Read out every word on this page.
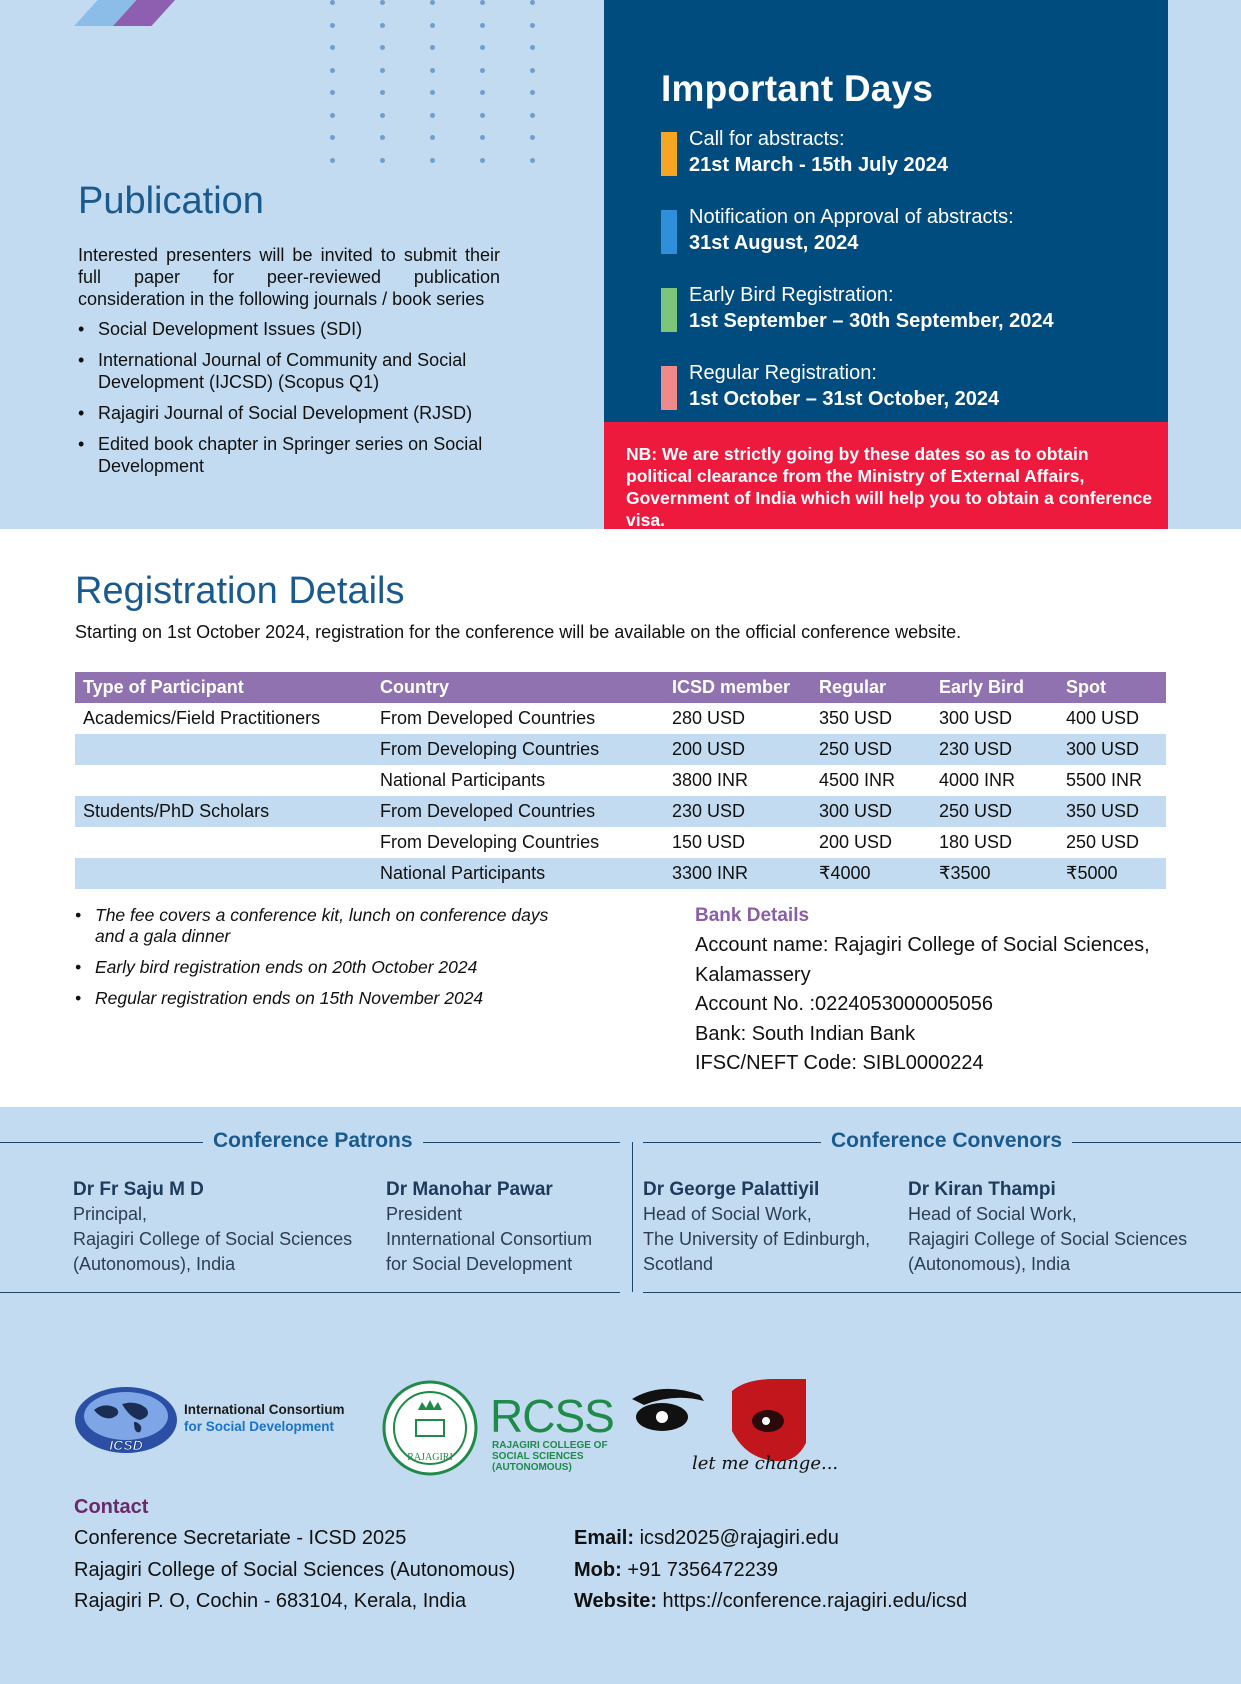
Publication
Interested presenters will be invited to submit their full paper for peer-reviewed publication consideration in the following journals / book series
• Social Development Issues (SDI)
• International Journal of Community and Social Development (IJCSD) (Scopus Q1)
• Rajagiri Journal of Social Development (RJSD)
• Edited book chapter in Springer series on Social Development
Important Days
Call for abstracts:
21st March - 15th July 2024
Notification on Approval of abstracts:
31st August, 2024
Early Bird Registration:
1st September – 30th September, 2024
Regular Registration:
1st October – 31st October, 2024
NB: We are strictly going by these dates so as to obtain political clearance from the Ministry of External Affairs, Government of India which will help you to obtain a conference visa.
Registration Details
Starting on 1st October 2024, registration for the conference will be available on the official conference website.
Type of Participant	Country	ICSD member	Regular	Early Bird	Spot
Academics/Field Practitioners	From Developed Countries	280 USD	350 USD	300 USD	400 USD
	From Developing Countries	200 USD	250 USD	230 USD	300 USD
	National Participants	3800 INR	4500 INR	4000 INR	5500 INR
Students/PhD Scholars	From Developed Countries	230 USD	300 USD	250 USD	350 USD
	From Developing Countries	150 USD	200 USD	180 USD	250 USD
	National Participants	3300 INR	₹4000	₹3500	₹5000
• The fee covers a conference kit, lunch on conference days and a gala dinner
• Early bird registration ends on 20th October 2024
• Regular registration ends on 15th November 2024
Bank Details
Account name: Rajagiri College of Social Sciences, Kalamassery
Account No. :0224053000005056
Bank: South Indian Bank
IFSC/NEFT Code: SIBL0000224
Conference Patrons	Conference Convenors
Dr Fr Saju M D
Principal,
Rajagiri College of Social Sciences
(Autonomous), India
Dr Manohar Pawar
President
Innternational Consortium
for Social Development
Dr George Palattiyil
Head of Social Work,
The University of Edinburgh,
Scotland
Dr Kiran Thampi
Head of Social Work,
Rajagiri College of Social Sciences
(Autonomous), India
ICSD
International Consortium
for Social Development
RAJAGIRI
RCSS
RAJAGIRI COLLEGE OF
SOCIAL SCIENCES
(AUTONOMOUS)	let me change...
Contact
Conference Secretariate - ICSD 2025
Rajagiri College of Social Sciences (Autonomous)
Rajagiri P. O, Cochin - 683104, Kerala, India
Email: icsd2025@rajagiri.edu
Mob: +91 7356472239
Website: https://conference.rajagiri.edu/icsd
